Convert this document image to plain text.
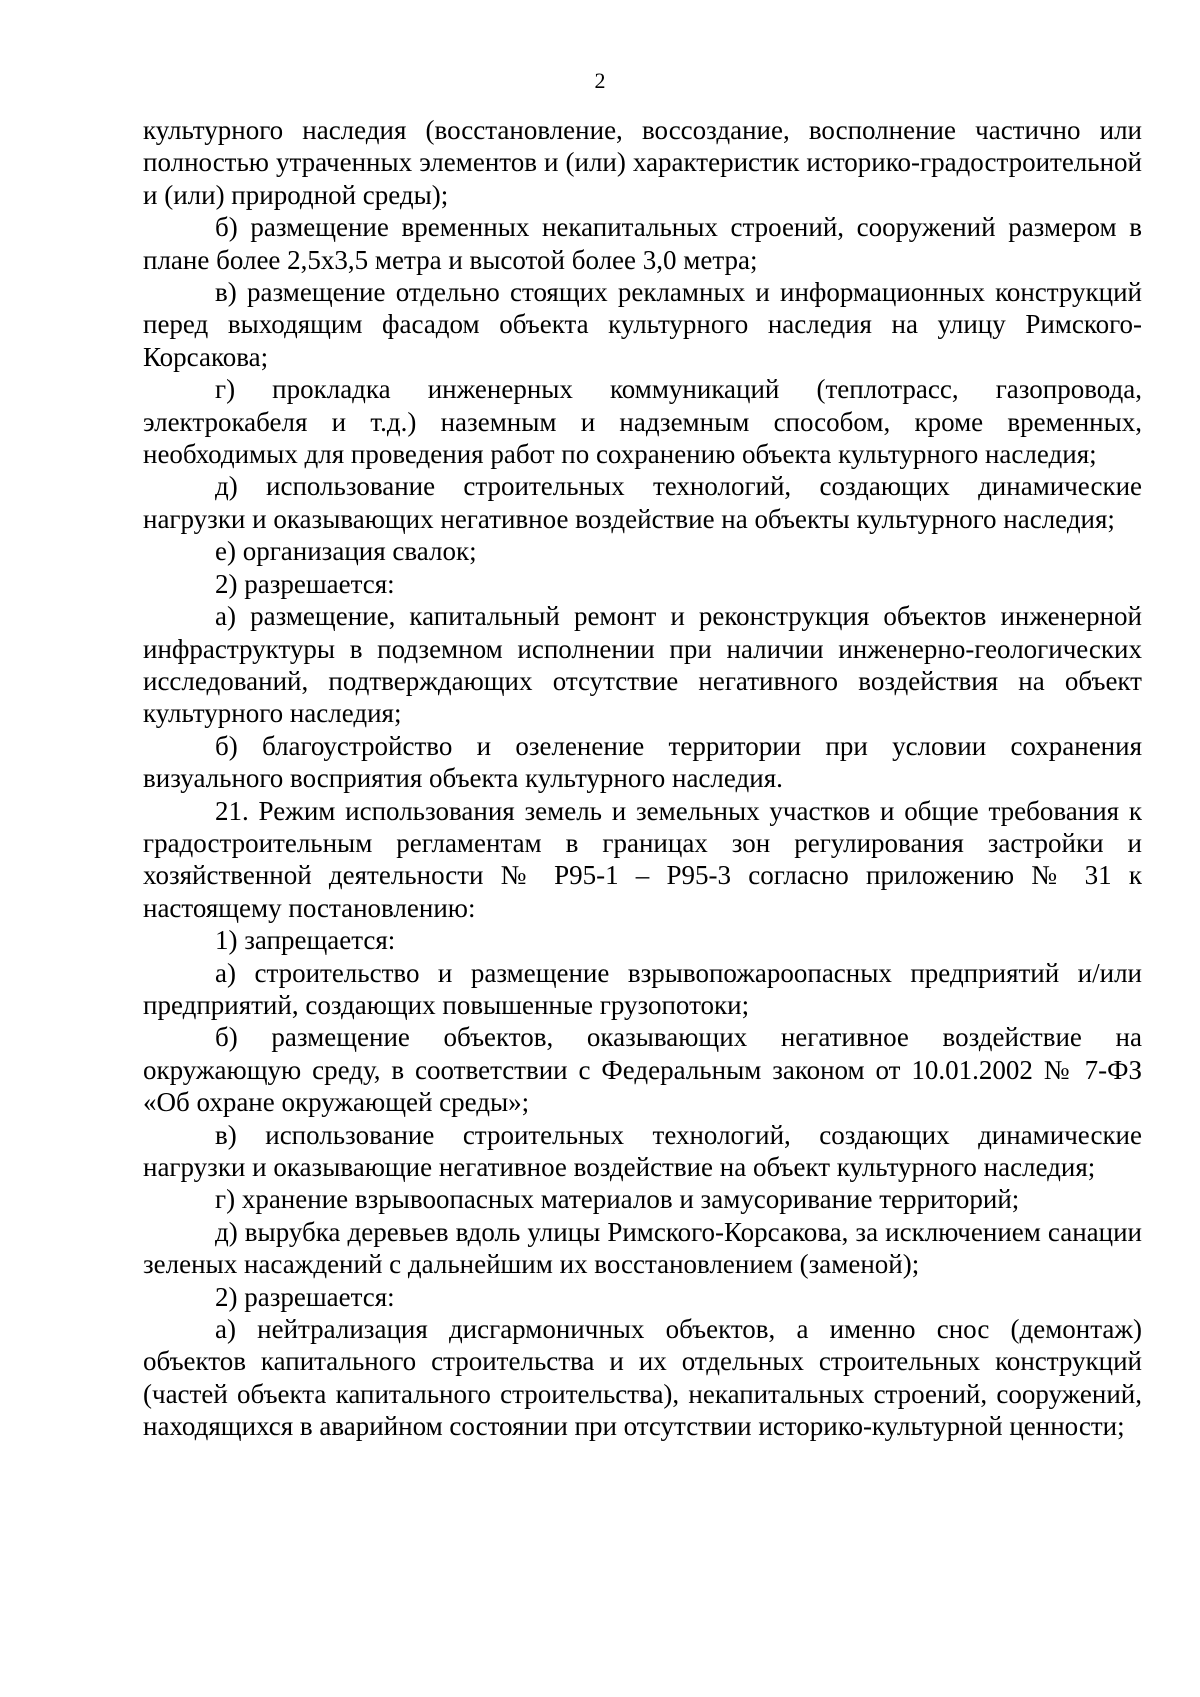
2

культурного наследия (восстановление, воссоздание, восполнение частично или полностью утраченных элементов и (или) характеристик историко-градостроительной и (или) природной среды);

б) размещение временных некапитальных строений, сооружений размером в плане более 2,5х3,5 метра и высотой более 3,0 метра;

в) размещение отдельно стоящих рекламных и информационных конструкций перед выходящим фасадом объекта культурного наследия на улицу Римского-Корсакова;

г) прокладка инженерных коммуникаций (теплотрасс, газопровода, электрокабеля и т.д.) наземным и надземным способом, кроме временных, необходимых для проведения работ по сохранению объекта культурного наследия;

д) использование строительных технологий, создающих динамические нагрузки и оказывающих негативное воздействие на объекты культурного наследия;

е) организация свалок;

2) разрешается:

а) размещение, капитальный ремонт и реконструкция объектов инженерной инфраструктуры в подземном исполнении при наличии инженерно-геологических исследований, подтверждающих отсутствие негативного воздействия на объект культурного наследия;

б) благоустройство и озеленение территории при условии сохранения визуального восприятия объекта культурного наследия.

21. Режим использования земель и земельных участков и общие требования к градостроительным регламентам в границах зон регулирования застройки и хозяйственной деятельности № Р95-1 – Р95-3 согласно приложению № 31 к настоящему постановлению:

1) запрещается:

а) строительство и размещение взрывопожароопасных предприятий и/или предприятий, создающих повышенные грузопотоки;

б) размещение объектов, оказывающих негативное воздействие на окружающую среду, в соответствии с Федеральным законом от 10.01.2002 № 7-ФЗ «Об охране окружающей среды»;

в) использование строительных технологий, создающих динамические нагрузки и оказывающие негативное воздействие на объект культурного наследия;

г) хранение взрывоопасных материалов и замусоривание территорий;

д) вырубка деревьев вдоль улицы Римского-Корсакова, за исключением санации зеленых насаждений с дальнейшим их восстановлением (заменой);

2) разрешается:

а) нейтрализация дисгармоничных объектов, а именно снос (демонтаж) объектов капитального строительства и их отдельных строительных конструкций (частей объекта капитального строительства), некапитальных строений, сооружений, находящихся в аварийном состоянии при отсутствии историко-культурной ценности;
